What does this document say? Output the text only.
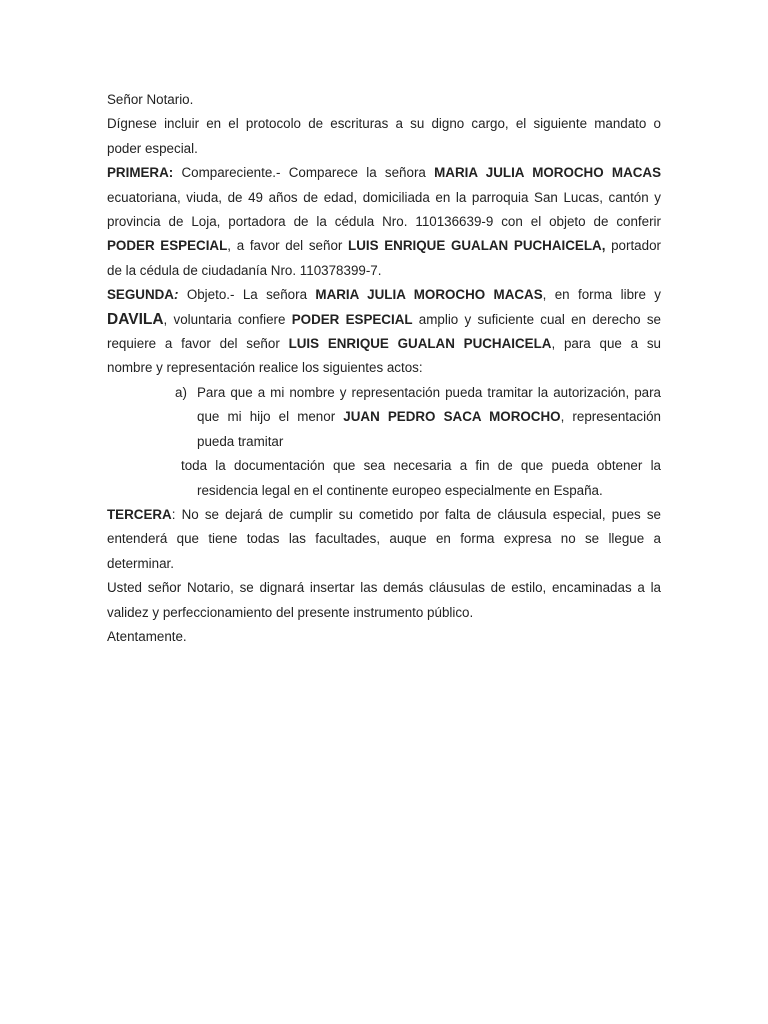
Señor Notario.

Dígnese incluir en el protocolo de escrituras a su digno cargo, el siguiente mandato o
poder especial.

PRIMERA: Compareciente.- Comparece la señora MARIA JULIA MOROCHO MACAS
ecuatoriana, viuda, de 49 años de edad, domiciliada en la parroquia San Lucas, cantón y
provincia de Loja, portadora de la cédula Nro. 110136639-9 con el objeto de conferir
PODER ESPECIAL, a favor del señor LUIS ENRIQUE GUALAN PUCHAICELA, portador
de la cédula de ciudadanía Nro. 110378399-7.

SEGUNDA: Objeto.- La señora MARIA JULIA MOROCHO MACAS, en forma libre y
DAVILA, voluntaria confiere PODER ESPECIAL amplio y suficiente cual en derecho se
requiere a favor del señor LUIS ENRIQUE GUALAN PUCHAICELA, para que a su
nombre y representación realice los siguientes actos:

a) Para que a mi nombre y representación pueda tramitar la autorización, para
que mi hijo el menor JUAN PEDRO SACA MOROCHO, representación
pueda tramitar
toda la documentación que sea necesaria a fin de que pueda obtener la
residencia legal en el continente europeo especialmente en España.

TERCERA: No se dejará de cumplir su cometido por falta de cláusula especial, pues se
entenderá que tiene todas las facultades, auque en forma expresa no se llegue a
determinar.

Usted señor Notario, se dignará insertar las demás cláusulas de estilo, encaminadas a la
validez y perfeccionamiento del presente instrumento público.

Atentamente.
